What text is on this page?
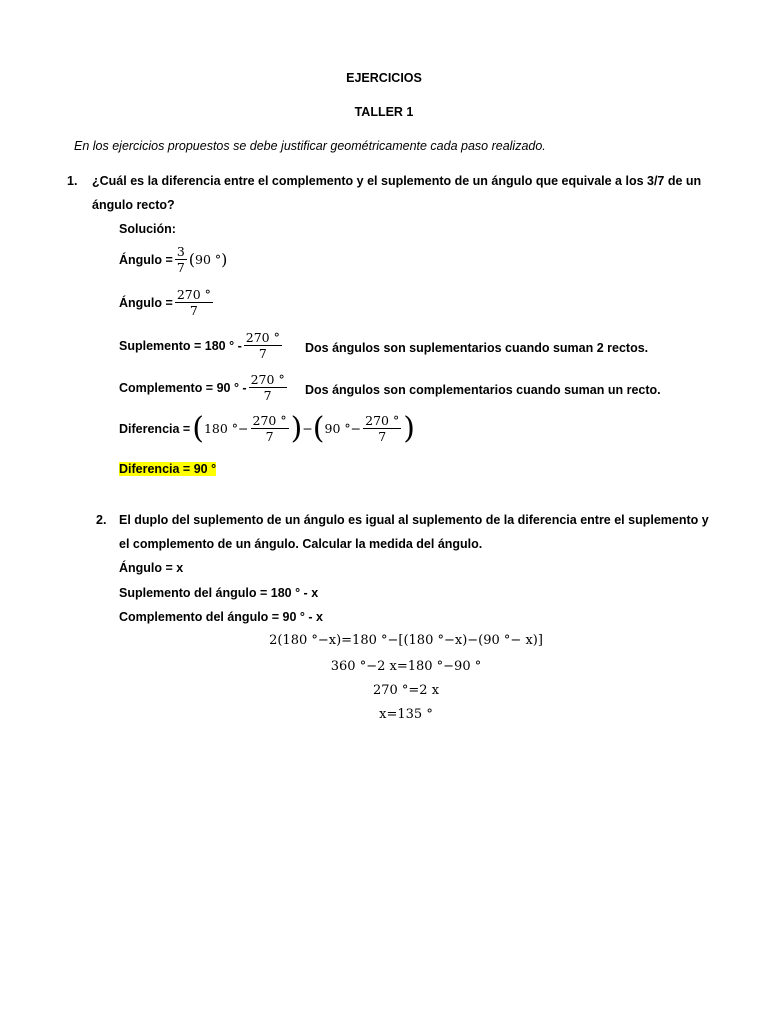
EJERCICIOS
TALLER 1
En los ejercicios propuestos se debe justificar geométricamente cada paso realizado.
1. ¿Cuál es la diferencia entre el complemento y el suplemento de un ángulo que equivale a los 3/7 de un
ángulo recto?
Solución:
Ángulo = $\frac{3}{7}$ ( 90 ° )
Ángulo = $\frac{270 ^\circ}{7}$
Suplemento = 180 ° - $\frac{270 ^\circ}{7}$ Dos ángulos son suplementarios cuando suman 2 rectos.
Complemento = 90 ° - $\frac{270 ^\circ}{7}$ Dos ángulos son complementarios cuando suman un recto.
Diferencia = ( 180 °− $\frac{270 ^\circ}{7}$ ) − ( 90 °− $\frac{270 ^\circ}{7}$ )
Diferencia = 90 °
2. El duplo del suplemento de un ángulo es igual al suplemento de la diferencia entre el suplemento y
el complemento de un ángulo. Calcular la medida del ángulo.
Ángulo = x
Suplemento del ángulo = 180 ° - x
Complemento del ángulo = 90 ° - x
2(180 °−x)=180 °−[(180 °−x)−(90 °− x)]
360 °−2 x=180 °−90 °
270 °=2 x
x=135 °
